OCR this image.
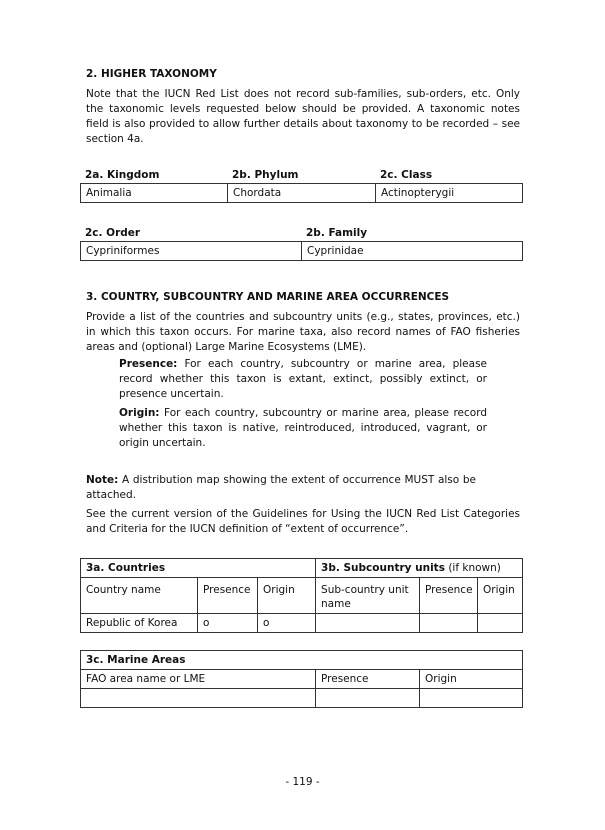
2. HIGHER TAXONOMY
Note that the IUCN Red List does not record sub-families, sub-orders, etc. Only the taxonomic levels requested below should be provided. A taxonomic notes field is also provided to allow further details about taxonomy to be recorded – see section 4a.
2a. Kingdom	2b. Phylum	2c. Class
Animalia	Chordata	Actinopterygii
2c. Order	2b. Family
Cypriniformes	Cyprinidae
3. COUNTRY, SUBCOUNTRY AND MARINE AREA OCCURRENCES
Provide a list of the countries and subcountry units (e.g., states, provinces, etc.) in which this taxon occurs. For marine taxa, also record names of FAO fisheries areas and (optional) Large Marine Ecosystems (LME).
Presence: For each country, subcountry or marine area, please record whether this taxon is extant, extinct, possibly extinct, or presence uncertain.
Origin: For each country, subcountry or marine area, please record whether this taxon is native, reintroduced, introduced, vagrant, or origin uncertain.
Note: A distribution map showing the extent of occurrence MUST also be attached.
See the current version of the Guidelines for Using the IUCN Red List Categories and Criteria for the IUCN definition of “extent of occurrence”.
3a. Countries			3b. Subcountry units (if known)		
Country name	Presence	Origin	Sub-country unit name	Presence	Origin
Republic of Korea	o	o			
3c. Marine Areas		
FAO area name or LME	Presence	Origin

- 119 -
